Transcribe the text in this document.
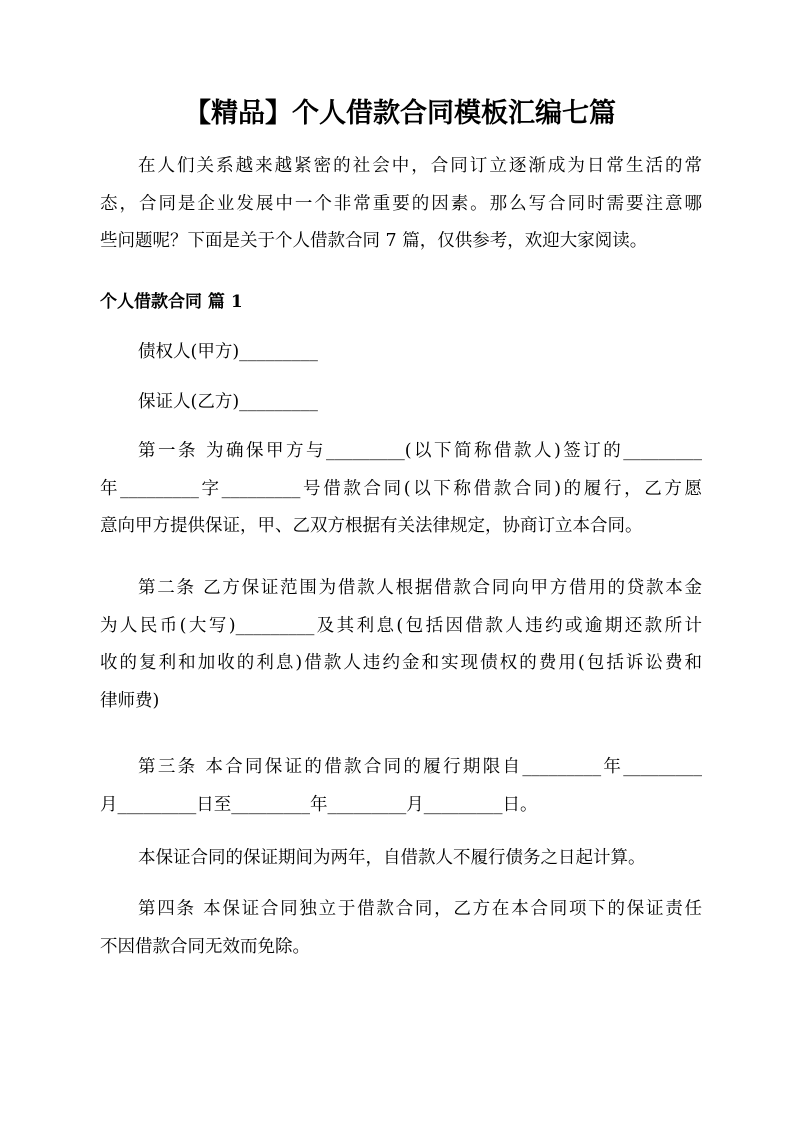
【精品】个人借款合同模板汇编七篇
在人们关系越来越紧密的社会中，合同订立逐渐成为日常生活的常
态，合同是企业发展中一个非常重要的因素。那么写合同时需要注意哪
些问题呢？下面是关于个人借款合同 7 篇，仅供参考，欢迎大家阅读。
个人借款合同 篇 1
债权人(甲方)_________
保证人(乙方)_________
第一条 为确保甲方与_________(以下简称借款人)签订的_________
年_________字_________号借款合同(以下称借款合同)的履行，乙方愿
意向甲方提供保证，甲、乙双方根据有关法律规定，协商订立本合同。
第二条 乙方保证范围为借款人根据借款合同向甲方借用的贷款本金
为人民币(大写)_________及其利息(包括因借款人违约或逾期还款所计
收的复利和加收的利息)借款人违约金和实现债权的费用(包括诉讼费和
律师费)
第三条 本合同保证的借款合同的履行期限自_________年_________
月_________日至_________年_________月_________日。
本保证合同的保证期间为两年，自借款人不履行债务之日起计算。
第四条 本保证合同独立于借款合同，乙方在本合同项下的保证责任
不因借款合同无效而免除。
